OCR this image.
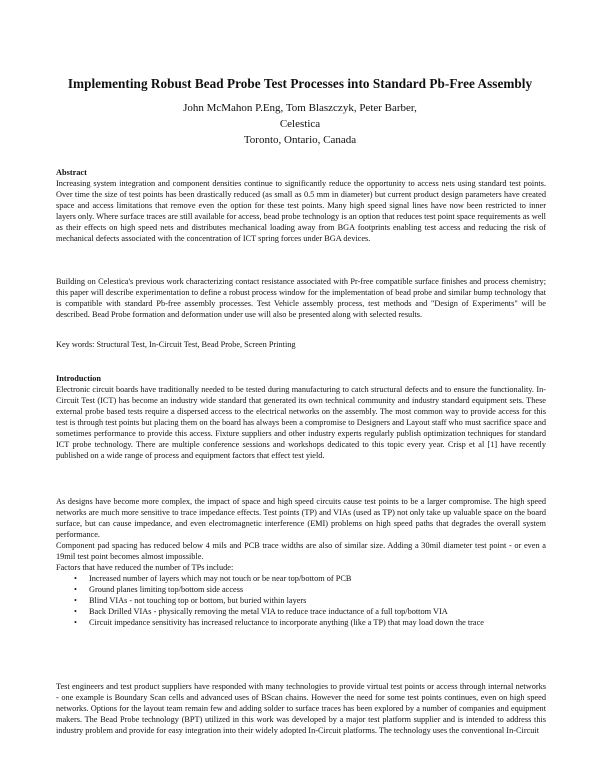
Implementing Robust Bead Probe Test Processes into Standard Pb-Free Assembly
John McMahon P.Eng, Tom Blaszczyk, Peter Barber,
Celestica
Toronto, Ontario, Canada

Abstract

Increasing system integration and component densities continue to significantly reduce the opportunity to access nets using standard test points. Over time the size of test points has been drastically reduced (as small as 0.5 mm in diameter) but current product design parameters have created space and access limitations that remove even the option for these test points. Many high speed signal lines have now been restricted to inner layers only. Where surface traces are still available for access, bead probe technology is an option that reduces test point space requirements as well as their effects on high speed nets and distributes mechanical loading away from BGA footprints enabling test access and reducing the risk of mechanical defects associated with the concentration of ICT spring forces under BGA devices.

Building on Celestica's previous work characterizing contact resistance associated with Pr-free compatible surface finishes and process chemistry; this paper will describe experimentation to define a robust process window for the implementation of bead probe and similar bump technology that is compatible with standard Pb-free assembly processes. Test Vehicle assembly process, test methods and "Design of Experiments" will be described. Bead Probe formation and deformation under use will also be presented along with selected results.

Key words: Structural Test, In-Circuit Test, Bead Probe, Screen Printing

Introduction

Electronic circuit boards have traditionally needed to be tested during manufacturing to catch structural defects and to ensure the functionality. In-Circuit Test (ICT) has become an industry wide standard that generated its own technical community and industry standard equipment sets. These external probe based tests require a dispersed access to the electrical networks on the assembly. The most common way to provide access for this test is through test points but placing them on the board has always been a compromise to Designers and Layout staff who must sacrifice space and sometimes performance to provide this access. Fixture suppliers and other industry experts regularly publish optimization techniques for standard ICT probe technology. There are multiple conference sessions and workshops dedicated to this topic every year. Crisp et al [1] have recently published on a wide range of process and equipment factors that effect test yield.

As designs have become more complex, the impact of space and high speed circuits cause test points to be a larger compromise. The high speed networks are much more sensitive to trace impedance effects. Test points (TP) and VIAs (used as TP) not only take up valuable space on the board surface, but can cause impedance, and even electromagnetic interference (EMI) problems on high speed paths that degrades the overall system performance.

Component pad spacing has reduced below 4 mils and PCB trace widths are also of similar size. Adding a 30mil diameter test point - or even a 19mil test point becomes almost impossible.

Factors that have reduced the number of TPs include:

• Increased number of layers which may not touch or be near top/bottom of PCB
• Ground planes limiting top/bottom side access
• Blind VIAs - not touching top or bottom, but buried within layers
• Back Drilled VIAs - physically removing the metal VIA to reduce trace inductance of a full top/bottom VIA
• Circuit impedance sensitivity has increased reluctance to incorporate anything (like a TP) that may load down the trace

Test engineers and test product suppliers have responded with many technologies to provide virtual test points or access through internal networks - one example is Boundary Scan cells and advanced uses of BScan chains. However the need for some test points continues, even on high speed networks. Options for the layout team remain few and adding solder to surface traces has been explored by a number of companies and equipment makers. The Bead Probe technology (BPT) utilized in this work was developed by a major test platform supplier and is intended to address this industry problem and provide for easy integration into their widely adopted In-Circuit platforms. The technology uses the conventional In-Circuit
